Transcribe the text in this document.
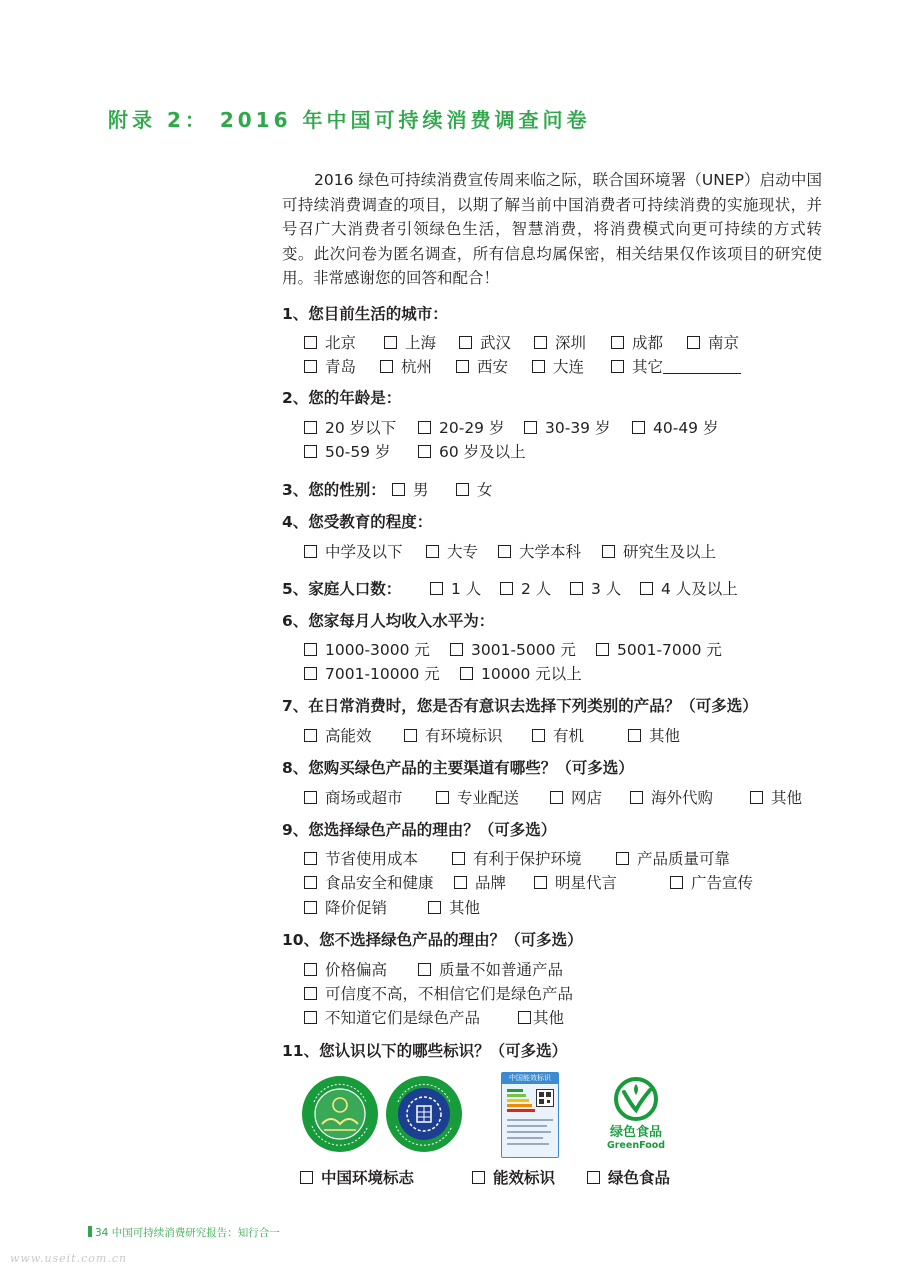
附录 2： 2016 年中国可持续消费调查问卷
2016 绿色可持续消费宣传周来临之际，联合国环境署（UNEP）启动中国可持续消费调查的项目，以期了解当前中国消费者可持续消费的实施现状，并号召广大消费者引领绿色生活，智慧消费，将消费模式向更可持续的方式转变。此次问卷为匿名调查，所有信息均属保密，相关结果仅作该项目的研究使用。非常感谢您的回答和配合！
1、您目前生活的城市：
北京	上海	武汉	深圳	成都	南京
青岛	杭州	西安	大连	其它
2、您的年龄是：
20 岁以下	20-29 岁	30-39 岁	40-49 岁
50-59 岁	60 岁及以上
3、您的性别：	男	女
4、您受教育的程度：
中学及以下	大专	大学本科	研究生及以上
5、家庭人口数：	1 人	2 人	3 人	4 人及以上
6、您家每月人均收入水平为：
1000-3000 元	3001-5000 元	5001-7000 元
7001-10000 元	10000 元以上
7、在日常消费时，您是否有意识去选择下列类别的产品？（可多选）
高能效	有环境标识	有机	其他
8、您购买绿色产品的主要渠道有哪些？（可多选）
商场或超市	专业配送	网店	海外代购	其他
9、您选择绿色产品的理由？（可多选）
节省使用成本	有利于保护环境	产品质量可靠
食品安全和健康	品牌	明星代言	广告宣传
降价促销	其他
10、您不选择绿色产品的理由？（可多选）
价格偏高	质量不如普通产品
可信度不高，不相信它们是绿色产品
不知道它们是绿色产品	其他
11、您认识以下的哪些标识？（可多选）
中国能效标识
绿色食品
GreenFood
中国环境标志	能效标识	绿色食品
34 中国可持续消费研究报告：知行合一
www.useit.com.cn
